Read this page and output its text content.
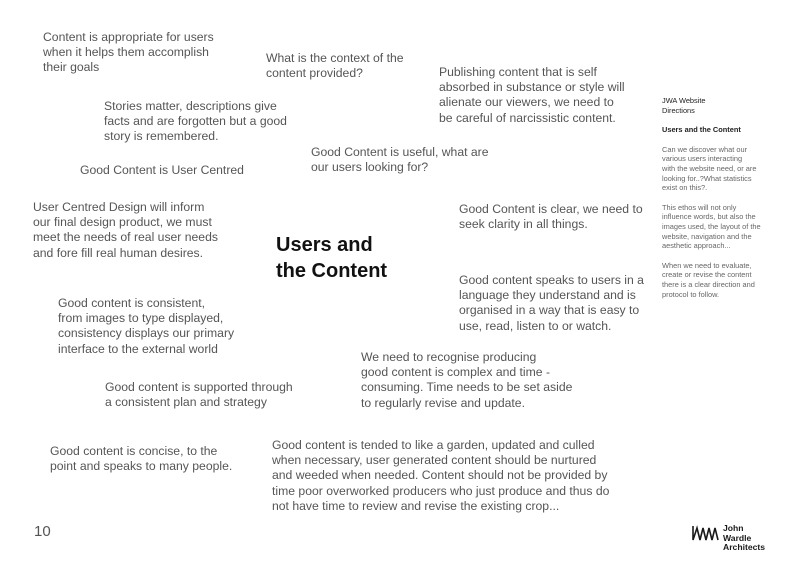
Content is appropriate for users
when it helps them accomplish
their goals

What is the context of the
content provided?	Publishing content that is self
absorbed in substance or style will
alienate our viewers, we need to
be careful of narcissistic content.

Stories matter, descriptions give
facts and are forgotten but a good
story is remembered.

Good Content is useful, what are
our users looking for?

Good Content is User Centred

User Centred Design will inform
our final design product, we must
meet the needs of real user needs
and fore fill real human desires.

Good Content is clear, we need to
seek clarity in all things.

Users and
the Content	Good content speaks to users in a
language they understand and is
organised in a way that is easy to
use, read, listen to or watch.

Good content is consistent,
from images to type displayed,
consistency displays our primary
interface to the external world

We need to recognise producing
good content is complex and time -
consuming. Time needs to be set aside
to regularly revise and update.

Good content is supported through
a consistent plan and strategy

Good content is tended to like a garden, updated and culled
when necessary, user generated content should be nurtured
and weeded when needed. Content should not be provided by
time poor overworked producers who just produce and thus do
not have time to review and revise the existing crop...

Good content is concise, to the
point and speaks to many people.

JWA Website
Directions

Users and the Content

Can we discover what our
various users interacting
with the website need, or are
looking for..?What statistics
exist on this?.

This ethos will not only
influence words, but also the
images used, the layout of the
website, navigation and the
aesthetic approach...

When we need to evaluate,
create or revise the content
there is a clear direction and
protocol to follow.

10	John Wardle
Architects
